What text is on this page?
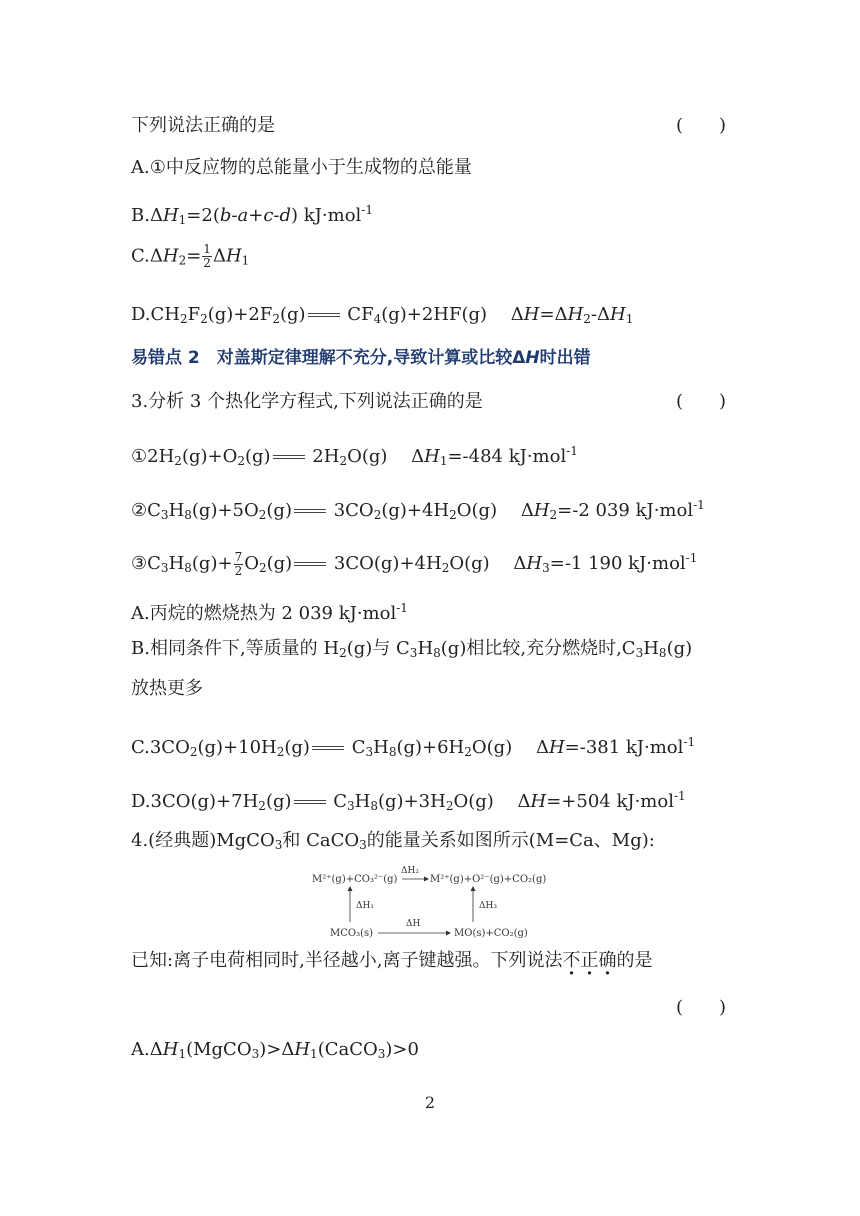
下列说法正确的是	(　　)
A.①中反应物的总能量小于生成物的总能量
$B.\Delta H_1=2(b-a+c-d)$ kJ·mol$^{-1}$
$C.\Delta H_2= \frac{1}{2} \Delta H_1$
$D.CH_2F_2(g)+2F_2(g)$ $CF_4(g)+2HF(g)$　 $\Delta H=\Delta H_2-\Delta H_1$
易错点 2　对盖斯定律理解不充分,导致计算或比较ΔH时出错
3.分析 3 个热化学方程式,下列说法正确的是	(　　)
$①2H_2(g)+O_2(g)$ $2H_2O(g)$　 $\Delta H_1=-484$ kJ·mol$^{-1}$
$②C_3H_8(g)+5O_2(g)$ $3CO_2(g)+4H_2O(g)$　 $\Delta H_2=-2$ 039 kJ·mol$^{-1}$
$③C_3H_8(g)+ \frac{7}{2} O_2(g)$ $3CO(g)+4H_2O(g)$　 $\Delta H_3=-1$ 190 kJ·mol$^{-1}$
A.丙烷的燃烧热为 2 039 kJ·mol$^{-1}$
B.相同条件下,等质量的 $H_2(g)$与 $C_3H_8(g)$相比较,充分燃烧时$,C_3H_8(g)$
放热更多
$C.3CO_2(g)+10H_2(g)$ $C_3H_8(g)+6H_2O(g)$　 ΔH=-381 kJ·mol$^{-1}$
$D.3CO(g)+7H_2(g)$ $C_3H_8(g)+3H_2O(g)$　 ΔH=+504 kJ·mol$^{-1}$
4.(经典题)MgCO$_3$和 CaCO$_3$的能量关系如图所示(M=Ca、Mg):
M²⁺(g)+CO₃²⁻(g)
ΔH₂
M²⁺(g)+O²⁻(g)+CO₂(g)
ΔH₁	ΔH₃
MCO₃(s)
ΔH
MO(s)+CO₂(g)
已知:离子电荷相同时,半径越小,离子键越强。下列说法不正确的是
(　　)
$A.\Delta H_1(MgCO_3)>\Delta H_1(CaCO_3)>0$
2
